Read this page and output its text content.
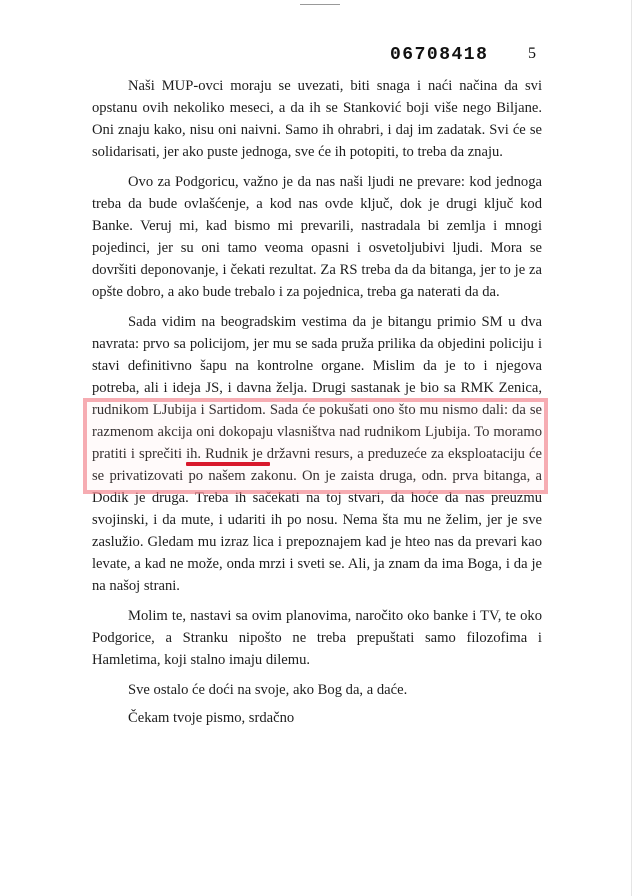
06708418 5

Naši MUP-ovci moraju se uvezati, biti snaga i naći načina da svi opstanu ovih nekoliko meseci, a da ih se Stanković boji više nego Biljane. Oni znaju kako, nisu oni naivni. Samo ih ohrabri, i daj im zadatak. Svi će se solidarisati, jer ako puste jednoga, sve će ih potopiti, to treba da znaju.

Ovo za Podgoricu, važno je da nas naši ljudi ne prevare: kod jednoga treba da bude ovlašćenje, a kod nas ovde ključ, dok je drugi ključ kod Banke. Veruj mi, kad bismo mi prevarili, nastradala bi zemlja i mnogi pojedinci, jer su oni tamo veoma opasni i osvetoljubivi ljudi. Mora se dovršiti deponovanje, i čekati rezultat. Za RS treba da da bitanga, jer to je za opšte dobro, a ako bude trebalo i za pojednica, treba ga naterati da da.

Sada vidim na beogradskim vestima da je bitangu primio SM u dva navrata: prvo sa policijom, jer mu se sada pruža prilika da objedini policiju i stavi definitivno šapu na kontrolne organe. Mislim da je to i njegova potreba, ali i ideja JS, i davna želja. Drugi sastanak je bio sa RMK Zenica, rudnikom LJubija i Sartidom. Sada će pokušati ono što mu nismo dali: da se razmenom akcija oni dokopaju vlasništva nad rudnikom Ljubija. To moramo pratiti i sprečiti ih. Rudnik je državni resurs, a preduzeće za eksploataciju će se privatizovati po našem zakonu. On je zaista druga, odn. prva bitanga, a Dodik je druga. Treba ih sačekati na toj stvari, da hoće da nas preuzmu svojinski, i da mute, i udariti ih po nosu. Nema šta mu ne želim, jer je sve zaslužio. Gledam mu izraz lica i prepoznajem kad je hteo nas da prevari kao levate, a kad ne može, onda mrzi i sveti se. Ali, ja znam da ima Boga, i da je na našoj strani.

Molim te, nastavi sa ovim planovima, naročito oko banke i TV, te oko Podgorice, a Stranku nipošto ne treba prepuštati samo filozofima i Hamletima, koji stalno imaju dilemu.

Sve ostalo će doći na svoje, ako Bog da, a daće.

Čekam tvoje pismo, srdačno
